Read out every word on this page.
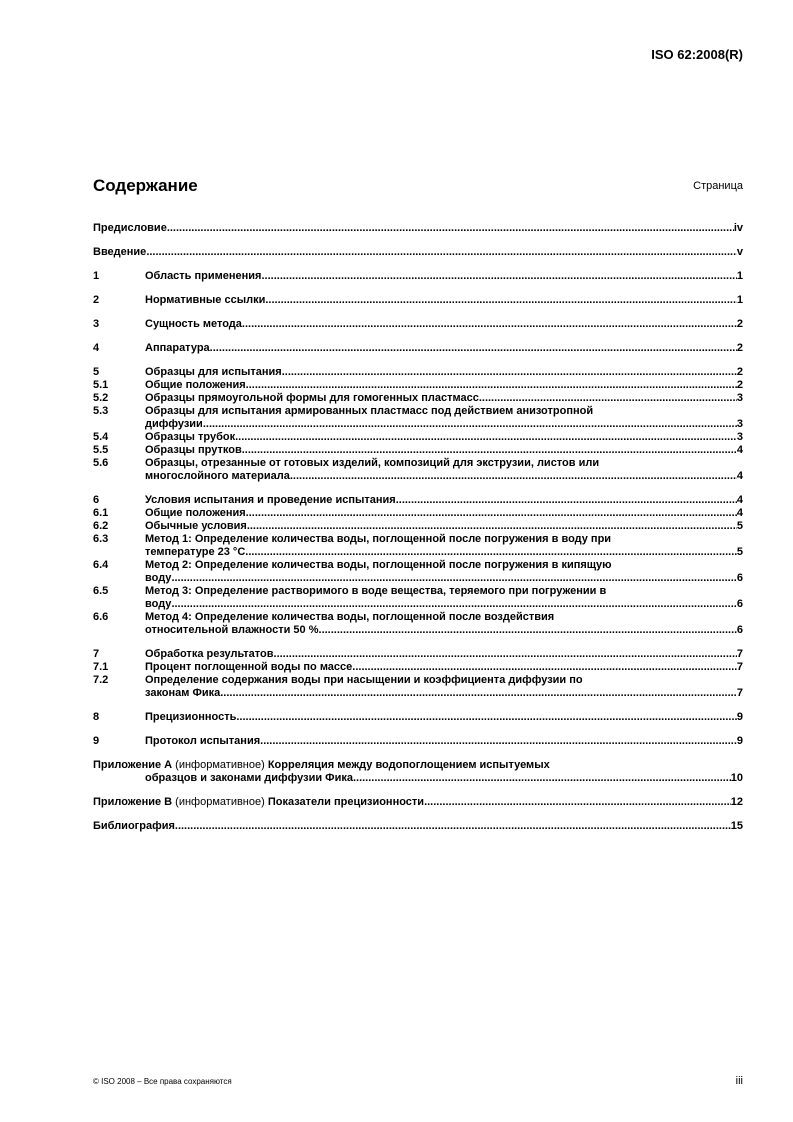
ISO 62:2008(R)
Содержание	Страница
Предисловие .....	iv
Введение .....	v
1	Область применения .....	1
2	Нормативные ссылки .....	1
3	Сущность метода .....	2
4	Аппаратура .....	2
5	Образцы для испытания .....	2
5.1	Общие положения .....	2
5.2	Образцы прямоугольной формы для гомогенных пластмасс .....	3
5.3	Образцы для испытания армированных пластмасс под действием анизотропной
диффузии .....	3
5.4	Образцы трубок .....	3
5.5	Образцы прутков .....	4
5.6	Образцы, отрезанные от готовых изделий, композиций для экструзии, листов или
многослойного материала .....	4
6	Условия испытания и проведение испытания .....	4
6.1	Общие положения .....	4
6.2	Обычные условия .....	5
6.3	Метод 1: Определение количества воды, поглощенной после погружения в воду при
температуре 23 °C .....	5
6.4	Метод 2: Определение количества воды, поглощенной после погружения в кипящую
воду .....	6
6.5	Метод 3: Определение растворимого в воде вещества, теряемого при погружении в
воду .....	6
6.6	Метод 4: Определение количества воды, поглощенной после воздействия
относительной влажности 50 % .....	6
7	Обработка результатов .....	7
7.1	Процент поглощенной воды по массе .....	7
7.2	Определение содержания воды при насыщении и коэффициента диффузии по
законам Фика .....	7
8	Прецизионность .....	9
9	Протокол испытания .....	9
Приложение А (информативное) Корреляция между водопоглощением испытуемых
образцов и законами диффузии Фика .....	10
Приложение В (информативное) Показатели прецизионности .....	12
Библиография .....	15
© ISO 2008 – Все права сохраняются	iii
